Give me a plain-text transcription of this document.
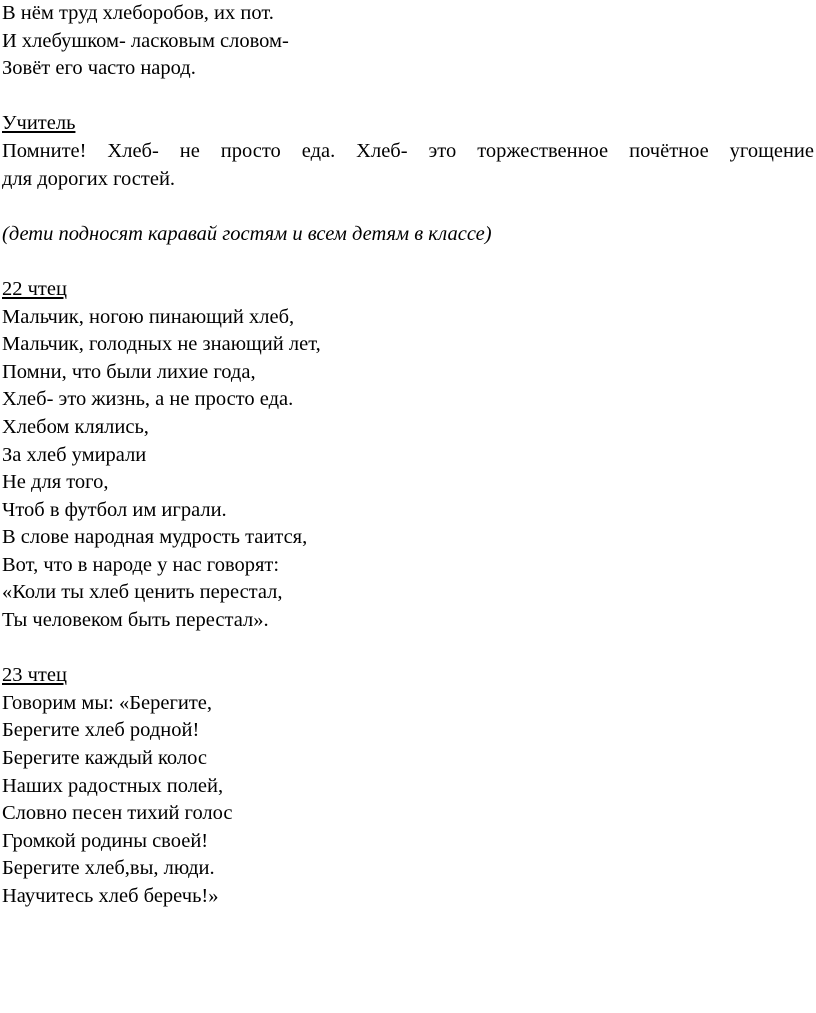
В нём труд хлеборобов, их пот.
И хлебушком- ласковым словом-
Зовёт его часто народ.
Учитель
Помните! Хлеб- не просто еда. Хлеб- это торжественное почётное угощение
для дорогих гостей.
(дети подносят каравай гостям и всем детям в классе)
22 чтец
Мальчик, ногою пинающий хлеб,
Мальчик, голодных не знающий лет,
Помни, что были лихие года,
Хлеб- это жизнь, а не просто еда.
Хлебом клялись,
За хлеб умирали
Не для того,
Чтоб в футбол им играли.
В слове народная мудрость таится,
Вот, что в народе у нас говорят:
«Коли ты хлеб ценить перестал,
Ты человеком быть перестал».
23 чтец
Говорим мы: «Берегите,
Берегите хлеб родной!
Берегите каждый колос
Наших радостных полей,
Словно песен тихий голос
Громкой родины своей!
Берегите хлеб,вы, люди.
Научитесь хлеб беречь!»
